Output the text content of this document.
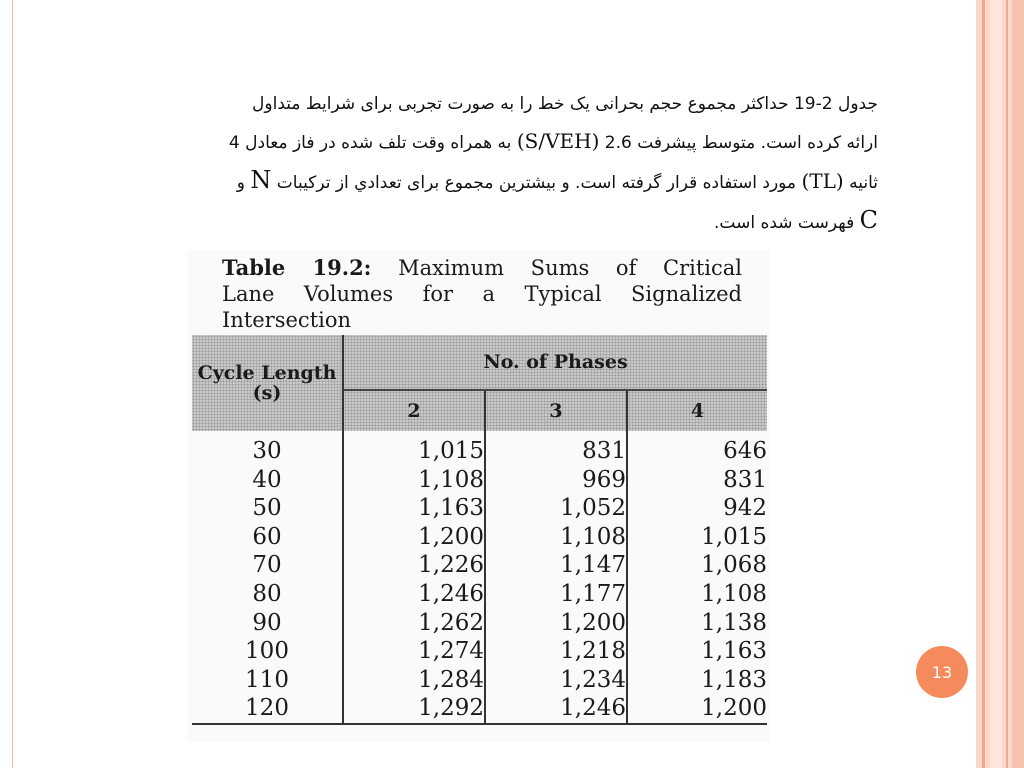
جدول 2-19 حداکثر مجموع حجم بحرانی یک خط را به صورت تجربی برای شرایط متداول
ارائه کرده است. متوسط پیشرفت 2.6 (S/VEH) به همراه وقت تلف شده در فاز معادل 4
ثانیه (TL) مورد استفاده قرار گرفته است. و بیشترین مجموع برای تعدادي از ترکیبات N و
C فهرست شده است.
Table 19.2: Maximum Sums of Critical
Lane Volumes for a Typical Signalized
Intersection
Cycle Length (s)	No. of Phases		
	2	3	4
30	1,015	831	646
40	1,108	969	831
50	1,163	1,052	942
60	1,200	1,108	1,015
70	1,226	1,147	1,068
80	1,246	1,177	1,108
90	1,262	1,200	1,138
100	1,274	1,218	1,163
110	1,284	1,234	1,183
120	1,292	1,246	1,200
13
